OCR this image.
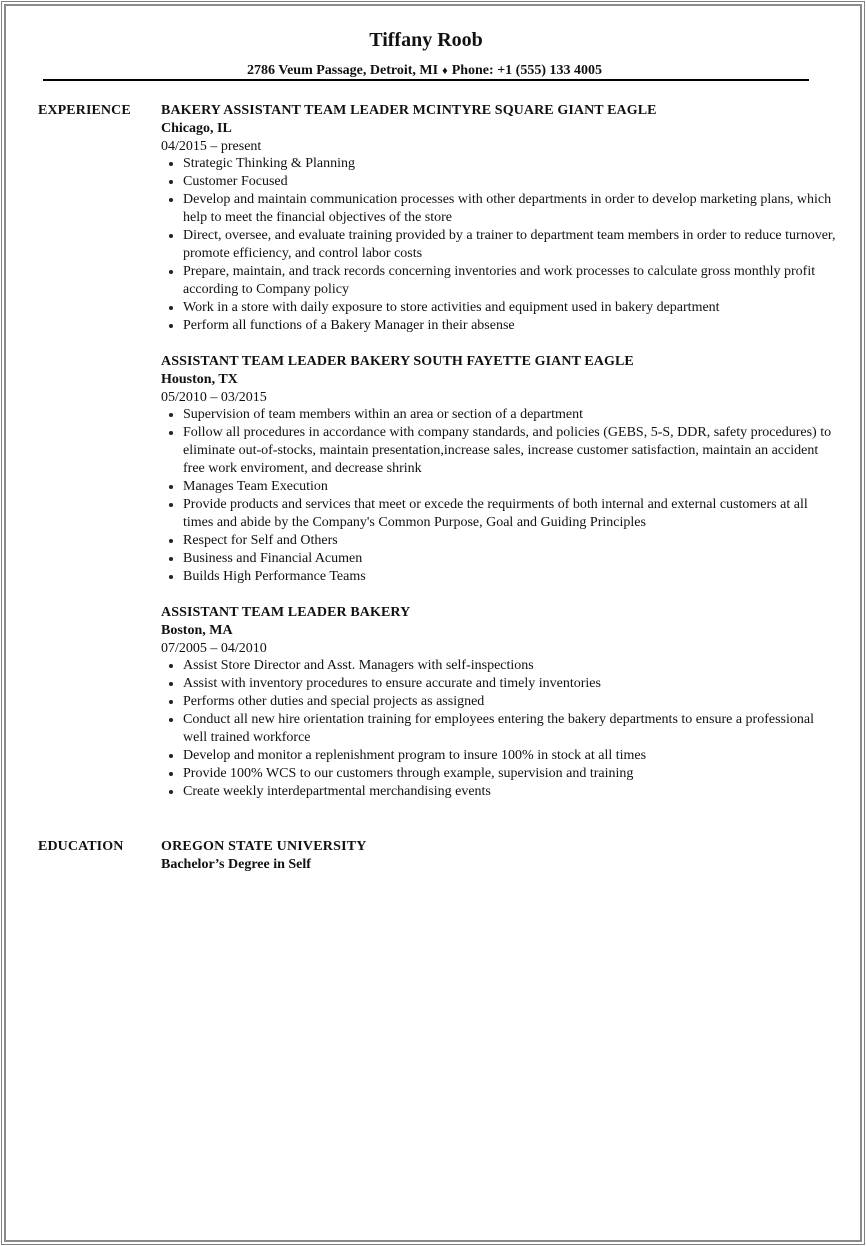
Tiffany Roob
2786 Veum Passage, Detroit, MI ♦ Phone: +1 (555) 133 4005
EXPERIENCE BAKERY ASSISTANT TEAM LEADER MCINTYRE SQUARE GIANT EAGLE
Chicago, IL
04/2015 – present
Strategic Thinking & Planning
Customer Focused
Develop and maintain communication processes with other departments in order to develop marketing plans, which help to meet the financial objectives of the store
Direct, oversee, and evaluate training provided by a trainer to department team members in order to reduce turnover, promote efficiency, and control labor costs
Prepare, maintain, and track records concerning inventories and work processes to calculate gross monthly profit according to Company policy
Work in a store with daily exposure to store activities and equipment used in bakery department
Perform all functions of a Bakery Manager in their absense
ASSISTANT TEAM LEADER BAKERY SOUTH FAYETTE GIANT EAGLE
Houston, TX
05/2010 – 03/2015
Supervision of team members within an area or section of a department
Follow all procedures in accordance with company standards, and policies (GEBS, 5-S, DDR, safety procedures) to eliminate out-of-stocks, maintain presentation,increase sales, increase customer satisfaction, maintain an accident free work enviroment, and decrease shrink
Manages Team Execution
Provide products and services that meet or excede the requirments of both internal and external customers at all times and abide by the Company's Common Purpose, Goal and Guiding Principles
Respect for Self and Others
Business and Financial Acumen
Builds High Performance Teams
ASSISTANT TEAM LEADER BAKERY
Boston, MA
07/2005 – 04/2010
Assist Store Director and Asst. Managers with self-inspections
Assist with inventory procedures to ensure accurate and timely inventories
Performs other duties and special projects as assigned
Conduct all new hire orientation training for employees entering the bakery departments to ensure a professional well trained workforce
Develop and monitor a replenishment program to insure 100% in stock at all times
Provide 100% WCS to our customers through example, supervision and training
Create weekly interdepartmental merchandising events
EDUCATION	OREGON STATE UNIVERSITY
Bachelor’s Degree in Self
